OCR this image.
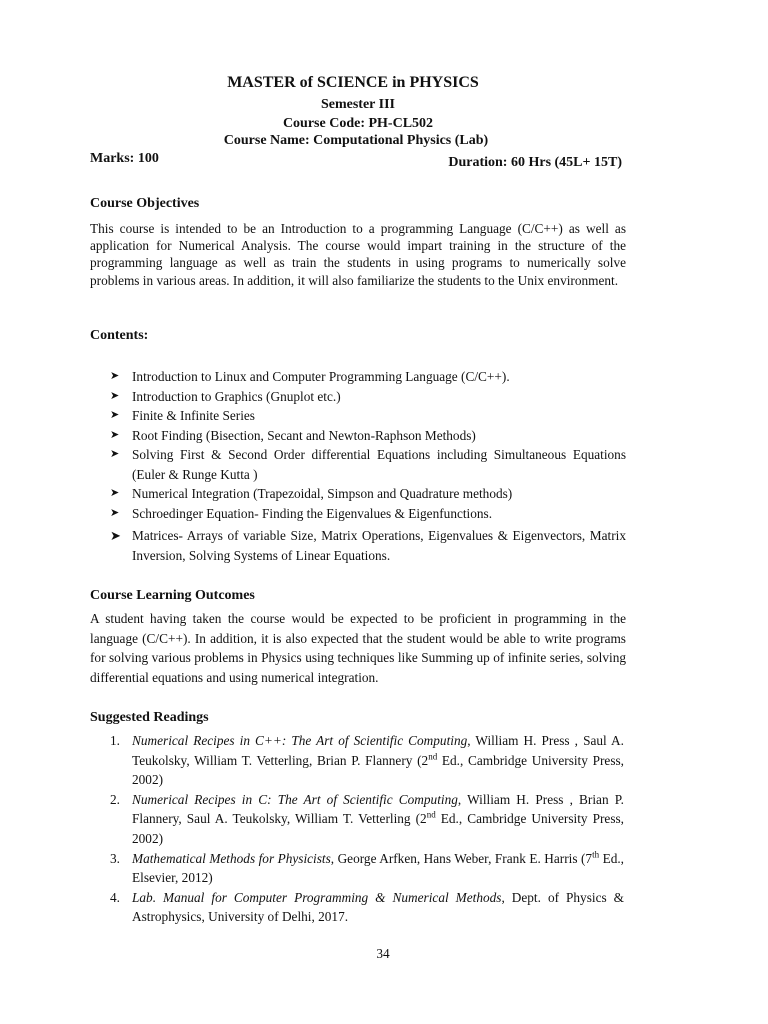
MASTER of SCIENCE in PHYSICS
Semester III
Course Code: PH-CL502
Course Name: Computational Physics (Lab)
Marks: 100	Duration: 60 Hrs (45L+ 15T)
Course Objectives
This course is intended to be an Introduction to a programming Language (C/C++) as well as application for Numerical Analysis. The course would impart training in the structure of the programming language as well as train the students in using programs to numerically solve problems in various areas. In addition, it will also familiarize the students to the Unix environment.
Contents:
➤ Introduction to Linux and Computer Programming Language (C/C++).
➤ Introduction to Graphics (Gnuplot etc.)
➤ Finite & Infinite Series
➤ Root Finding (Bisection, Secant and Newton-Raphson Methods)
➤ Solving First & Second Order differential Equations including Simultaneous Equations (Euler & Runge Kutta )
➤ Numerical Integration (Trapezoidal, Simpson and Quadrature methods)
➤ Schroedinger Equation- Finding the Eigenvalues & Eigenfunctions.
➤ Matrices- Arrays of variable Size, Matrix Operations, Eigenvalues & Eigenvectors, Matrix Inversion, Solving Systems of Linear Equations.
Course Learning Outcomes
A student having taken the course would be expected to be proficient in programming in the language (C/C++). In addition, it is also expected that the student would be able to write programs for solving various problems in Physics using techniques like Summing up of infinite series, solving differential equations and using numerical integration.
Suggested Readings
1. Numerical Recipes in C++: The Art of Scientific Computing, William H. Press , Saul A. Teukolsky, William T. Vetterling, Brian P. Flannery (2nd Ed., Cambridge University Press, 2002)
2. Numerical Recipes in C: The Art of Scientific Computing, William H. Press , Brian P. Flannery, Saul A. Teukolsky, William T. Vetterling (2nd Ed., Cambridge University Press, 2002)
3. Mathematical Methods for Physicists, George Arfken, Hans Weber, Frank E. Harris (7th Ed., Elsevier, 2012)
4. Lab. Manual for Computer Programming & Numerical Methods, Dept. of Physics & Astrophysics, University of Delhi, 2017.
34
